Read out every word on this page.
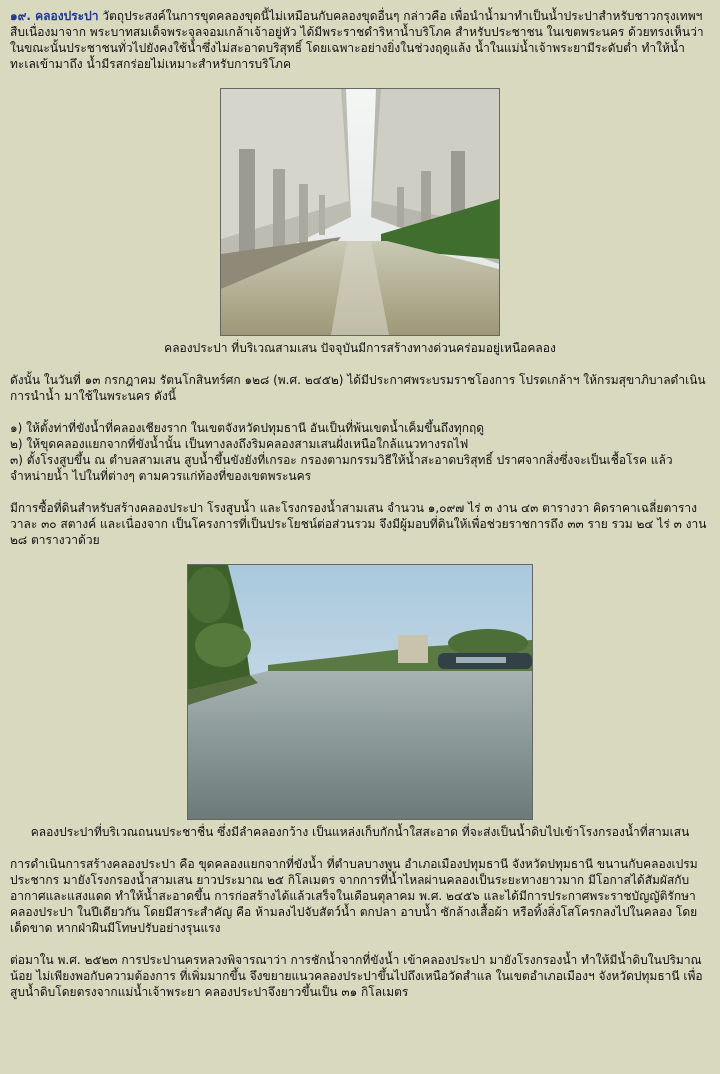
๑๙. คลองประปา วัตถุประสงค์ในการขุดคลองขุดนี้ไม่เหมือนกับคลองขุดอื่นๆ กล่าวคือ เพื่อนำน้ำมาทำเป็นน้ำประปาสำหรับชาวกรุงเทพฯ สืบเนื่องมาจาก พระบาทสมเด็จพระจุลจอมเกล้าเจ้าอยู่หัว ได้มีพระราชดำริหาน้ำบริโภค สำหรับประชาชน ในเขตพระนคร ด้วยทรงเห็นว่า ในขณะนั้นประชาชนทั่วไปยังคงใช้น้ำซึ่งไม่สะอาดบริสุทธิ์ โดยเฉพาะอย่างยิ่งในช่วงฤดูแล้ง น้ำในแม่น้ำเจ้าพระยามีระดับต่ำ ทำให้น้ำทะเลเข้ามาถึง น้ำมีรสกร่อยไม่เหมาะสำหรับการบริโภค

คลองประปา ที่บริเวณสามเสน ปัจจุบันมีการสร้างทางด่วนคร่อมอยู่เหนือคลอง

ดังนั้น ในวันที่ ๑๓ กรกฎาคม รัตนโกสินทร์ศก ๑๒๘ (พ.ศ. ๒๔๕๒) ได้มีประกาศพระบรมราชโองการ โปรดเกล้าฯ ให้กรมสุขาภิบาลดำเนินการนำน้ำ มาใช้ในพระนคร ดังนี้

๑) ให้ตั้งท่าที่ขังน้ำที่คลองเชียงราก ในเขตจังหวัดปทุมธานี อันเป็นที่พ้นเขตน้ำเค็มขึ้นถึงทุกฤดู

๒) ให้ขุดคลองแยกจากที่ขังน้ำนั้น เป็นทางลงถึงริมคลองสามเสนฝั่งเหนือใกล้แนวทางรถไฟ

๓) ตั้งโรงสูบขึ้น ณ ตำบลสามเสน สูบน้ำขึ้นขังยังที่เกรอะ กรองตามกรรมวิธีให้น้ำสะอาดบริสุทธิ์ ปราศจากสิ่งซึ่งจะเป็นเชื้อโรค แล้วจำหน่ายน้ำ ไปในที่ต่างๆ ตามควรแก่ท้องที่ของเขตพระนคร

มีการซื้อที่ดินสำหรับสร้างคลองประปา โรงสูบน้ำ และโรงกรองน้ำสามเสน จำนวน ๑,๐๙๗ ไร่ ๓ งาน ๔๓ ตารางวา คิดราคาเฉลี่ยตารางวาละ ๓๐ สตางค์ และเนื่องจาก เป็นโครงการที่เป็นประโยชน์ต่อส่วนรวม จึงมีผู้มอบที่ดินให้เพื่อช่วยราชการถึง ๓๓ ราย รวม ๒๔ ไร่ ๓ งาน ๒๘ ตารางวาด้วย

คลองประปาที่บริเวณถนนประชาชื่น ซึ่งมีลำคลองกว้าง เป็นแหล่งเก็บกักน้ำใสสะอาด ที่จะส่งเป็นน้ำดิบไปเข้าโรงกรองน้ำที่สามเสน

การดำเนินการสร้างคลองประปา คือ ขุดคลองแยกจากที่ขังน้ำ ที่ตำบลบางพูน อำเภอเมืองปทุมธานี จังหวัดปทุมธานี ขนานกับคลองเปรมประชากร มายังโรงกรองน้ำสามเสน ยาวประมาณ ๒๕ กิโลเมตร จากการที่น้ำไหลผ่านคลองเป็นระยะทางยาวมาก มีโอกาสได้สัมผัสกับอากาศและแสงแดด ทำให้น้ำสะอาดขึ้น การก่อสร้างได้แล้วเสร็จในเดือนตุลาคม พ.ศ. ๒๔๕๖ และได้มีการประกาศพระราชบัญญัติรักษาคลองประปา ในปีเดียวกัน โดยมีสาระสำคัญ คือ ห้ามลงไปจับสัตว์น้ำ ตกปลา อาบน้ำ ซักล้างเสื้อผ้า หรือทิ้งสิ่งโสโครกลงไปในคลอง โดยเด็ดขาด หากฝ่าฝืนมีโทษปรับอย่างรุนแรง

ต่อมาใน พ.ศ. ๒๕๒๓ การประปานครหลวงพิจารณาว่า การชักน้ำจากที่ขังน้ำ เข้าคลองประปา มายังโรงกรองน้ำ ทำให้มีน้ำดิบในปริมาณน้อย ไม่เพียงพอกับความต้องการ ที่เพิ่มมากขึ้น จึงขยายแนวคลองประปาขึ้นไปถึงเหนือวัดสำแล ในเขตอำเภอเมืองฯ จังหวัดปทุมธานี เพื่อสูบน้ำดิบโดยตรงจากแม่น้ำเจ้าพระยา คลองประปาจึงยาวขึ้นเป็น ๓๑ กิโลเมตร
